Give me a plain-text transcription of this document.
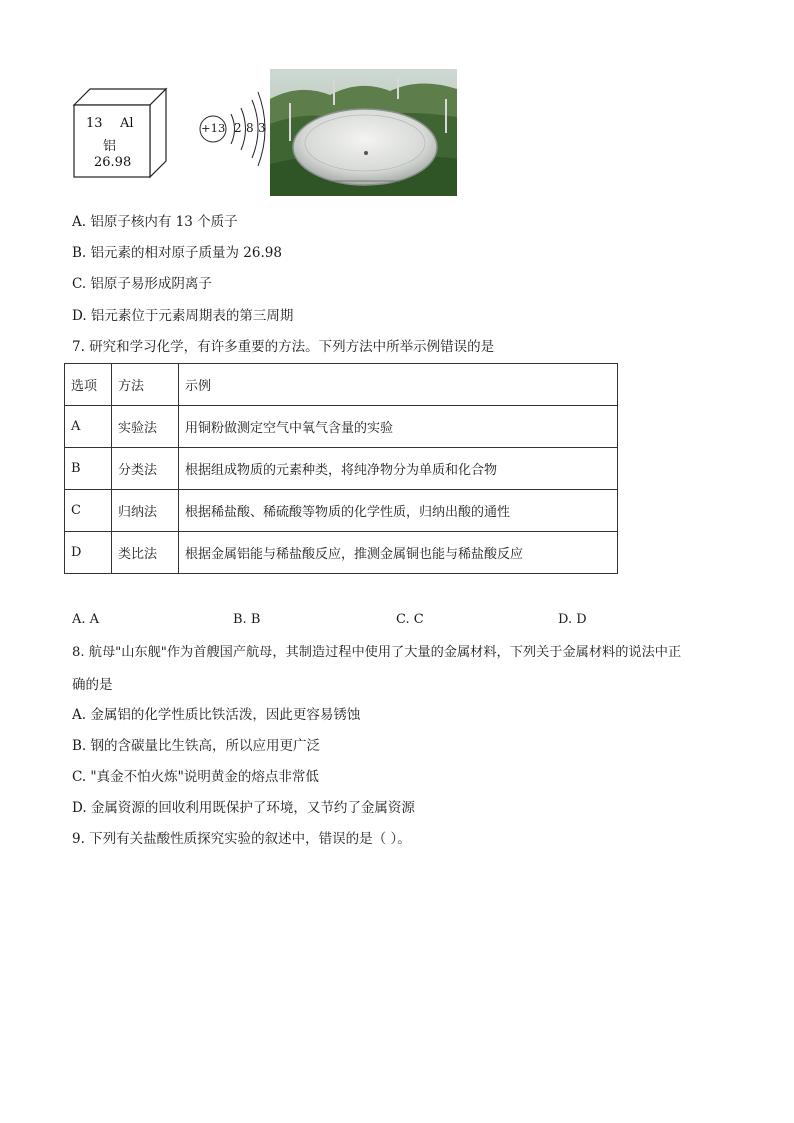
13 Al
铝
26.98
+13 2 8 3
A. 铝原子核内有 13 个质子
B. 铝元素的相对原子质量为 26.98
C. 铝原子易形成阴离子
D. 铝元素位于元素周期表的第三周期
7. 研究和学习化学，有许多重要的方法。下列方法中所举示例错误的是
选项	方法	示例
A	实验法	用铜粉做测定空气中氧气含量的实验
B	分类法	根据组成物质的元素种类，将纯净物分为单质和化合物
C	归纳法	根据稀盐酸、稀硫酸等物质的化学性质，归纳出酸的通性
D	类比法	根据金属铝能与稀盐酸反应，推测金属铜也能与稀盐酸反应
A. A	B. B	C. C	D. D
8. 航母"山东舰"作为首艘国产航母，其制造过程中使用了大量的金属材料，下列关于金属材料的说法中正
确的是
A. 金属铝的化学性质比铁活泼，因此更容易锈蚀
B. 钢的含碳量比生铁高，所以应用更广泛
C. "真金不怕火炼"说明黄金的熔点非常低
D. 金属资源的回收利用既保护了环境，又节约了金属资源
9. 下列有关盐酸性质探究实验的叙述中，错误的是（ ）。
